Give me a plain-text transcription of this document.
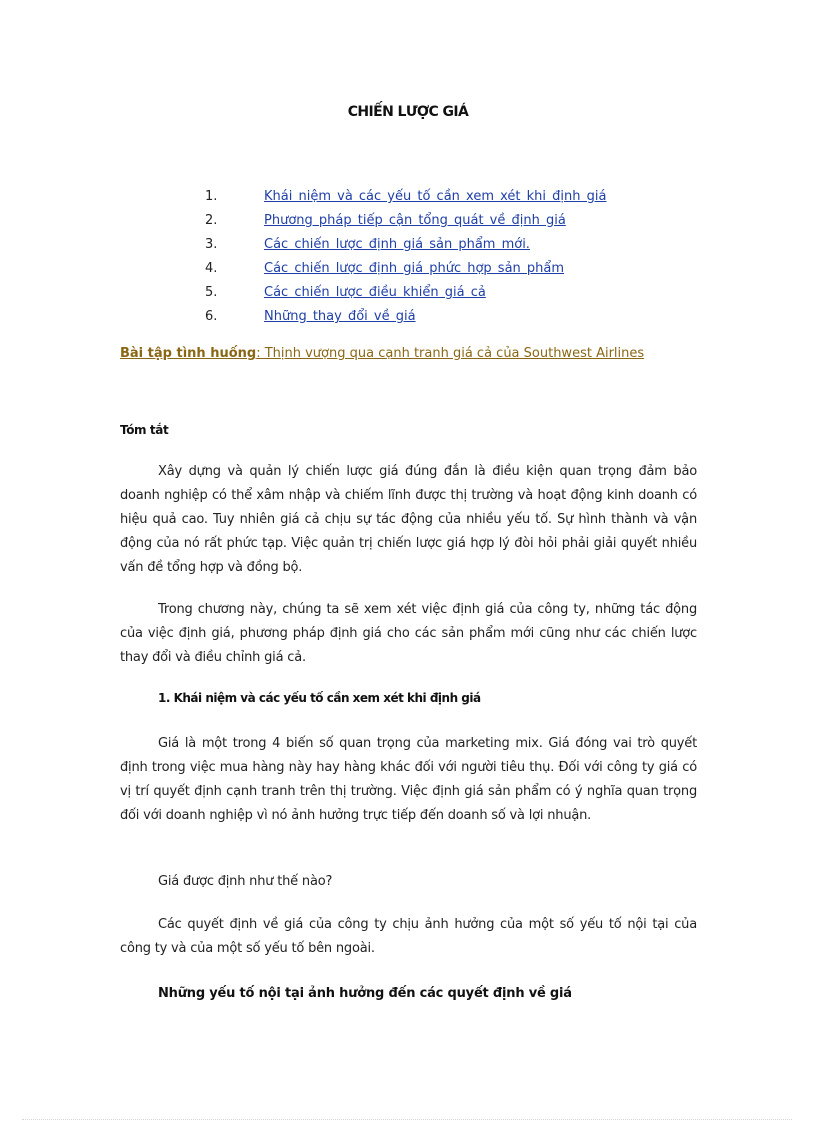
CHIẾN LƯỢC GIÁ
1.	Khái niệm và các yếu tố cần xem xét khi định giá
2.	Phương pháp tiếp cận tổng quát về định giá
3.	Các chiến lược định giá sản phẩm mới.
4.	Các chiến lược định giá phức hợp sản phẩm
5.	Các chiến lược điều khiển giá cả
6.	Những thay đổi về giá
Bài tập tình huống: Thịnh vượng qua cạnh tranh giá cả của Southwest Airlines
Tóm tắt

Xây dựng và quản lý chiến lược giá đúng đắn là điều kiện quan trọng đảm bảo doanh nghiệp có thể xâm nhập và chiếm lĩnh được thị trường và hoạt động kinh doanh có hiệu quả cao. Tuy nhiên giá cả chịu sự tác động của nhiều yếu tố. Sự hình thành và vận động của nó rất phức tạp. Việc quản trị chiến lược giá hợp lý đòi hỏi phải giải quyết nhiều vấn đề tổng hợp và đồng bộ.

Trong chương này, chúng ta sẽ xem xét việc định giá của công ty, những tác động của việc định giá, phương pháp định giá cho các sản phẩm mới cũng như các chiến lược thay đổi và điều chỉnh giá cả.

1. Khái niệm và các yếu tố cần xem xét khi định giá

Giá là một trong 4 biến số quan trọng của marketing mix. Giá đóng vai trò quyết định trong việc mua hàng này hay hàng khác đối với người tiêu thụ. Đối với công ty giá có vị trí quyết định cạnh tranh trên thị trường. Việc định giá sản phẩm có ý nghĩa quan trọng đối với doanh nghiệp vì nó ảnh hưởng trực tiếp đến doanh số và lợi nhuận.

Giá được định như thế nào?

Các quyết định về giá của công ty chịu ảnh hưởng của một số yếu tố nội tại của công ty và của một số yếu tố bên ngoài.

Những yếu tố nội tại ảnh hưởng đến các quyết định về giá
